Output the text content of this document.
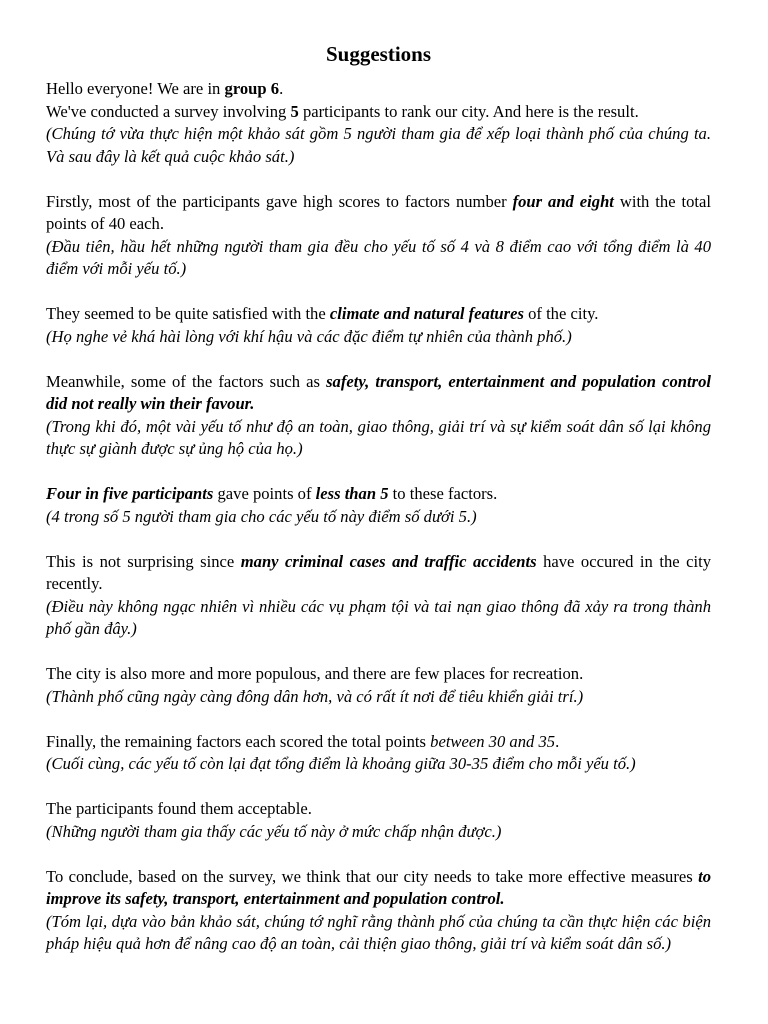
Suggestions
Hello everyone! We are in group 6.
We've conducted a survey involving 5 participants to rank our city. And here is the result.
(Chúng tớ vừa thực hiện một khảo sát gồm 5 người tham gia để xếp loại thành phố của chúng ta. Và sau đây là kết quả cuộc khảo sát.)
Firstly, most of the participants gave high scores to factors number four and eight with the total points of 40 each.
(Đầu tiên, hầu hết những người tham gia đều cho yếu tố số 4 và 8 điểm cao với tổng điểm là 40 điểm với mỗi yếu tố.)
They seemed to be quite satisfied with the climate and natural features of the city.
(Họ nghe vẻ khá hài lòng với khí hậu và các đặc điểm tự nhiên của thành phố.)
Meanwhile, some of the factors such as safety, transport, entertainment and population control did not really win their favour.
(Trong khi đó, một vài yếu tố như độ an toàn, giao thông, giải trí và sự kiểm soát dân số lại không thực sự giành được sự ủng hộ của họ.)
Four in five participants gave points of less than 5 to these factors.
(4 trong số 5 người tham gia cho các yếu tố này điểm số dưới 5.)
This is not surprising since many criminal cases and traffic accidents have occured in the city recently.
(Điều này không ngạc nhiên vì nhiều các vụ phạm tội và tai nạn giao thông đã xảy ra trong thành phố gần đây.)
The city is also more and more populous, and there are few places for recreation.
(Thành phố cũng ngày càng đông dân hơn, và có rất ít nơi để tiêu khiển giải trí.)
Finally, the remaining factors each scored the total points between 30 and 35.
(Cuối cùng, các yếu tố còn lại đạt tổng điểm là khoảng giữa 30-35 điểm cho mỗi yếu tố.)
The participants found them acceptable.
(Những người tham gia thấy các yếu tố này ở mức chấp nhận được.)
To conclude, based on the survey, we think that our city needs to take more effective measures to improve its safety, transport, entertainment and population control.
(Tóm lại, dựa vào bản khảo sát, chúng tớ nghĩ rằng thành phố của chúng ta cần thực hiện các biện pháp hiệu quả hơn để nâng cao độ an toàn, cải thiện giao thông, giải trí và kiểm soát dân số.)
